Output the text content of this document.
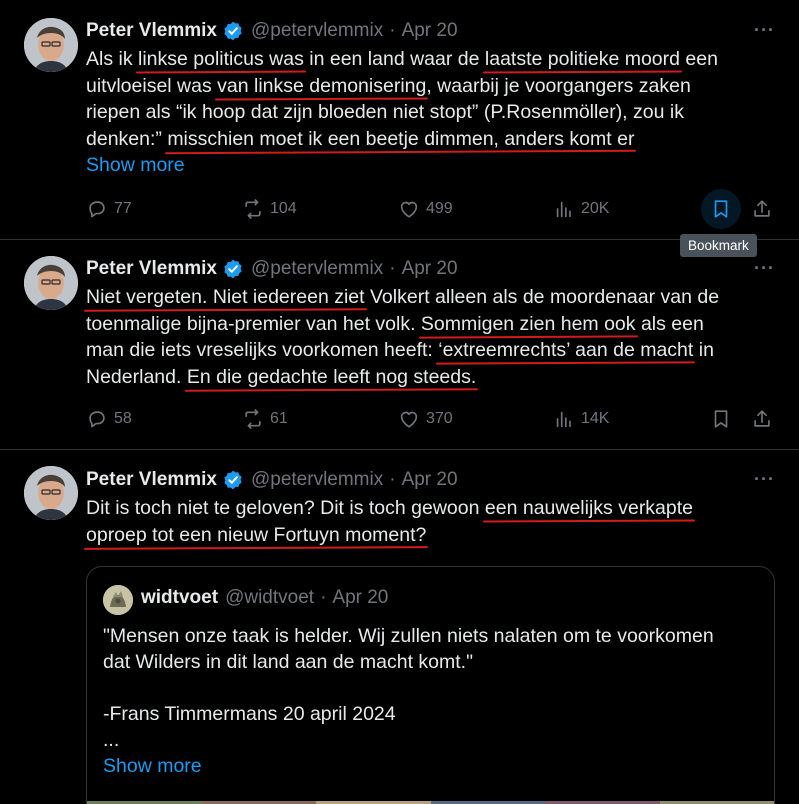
Peter Vlemmix @petervlemmix · Apr 20	···
Als ik linkse politicus was in een land waar de laatste politieke moord een
uitvloeisel was van linkse demonisering, waarbij je voorgangers zaken
riepen als “ik hoop dat zijn bloeden niet stopt” (P.Rosenmöller), zou ik
denken:” misschien moet ik een beetje dimmen, anders komt er
Show more
77	104	499	20K
Bookmark
Peter Vlemmix @petervlemmix · Apr 20	···
Niet vergeten. Niet iedereen ziet Volkert alleen als de moordenaar van de
toenmalige bijna-premier van het volk. Sommigen zien hem ook als een
man die iets vreselijks voorkomen heeft: ‘extreemrechts’ aan de macht in
Nederland. En die gedachte leeft nog steeds.
58	61	370	14K
Peter Vlemmix @petervlemmix · Apr 20	···
Dit is toch niet te geloven? Dit is toch gewoon een nauwelijks verkapte
oproep tot een nieuw Fortuyn moment?
widtvoet @widtvoet · Apr 20
"Mensen onze taak is helder. Wij zullen niets nalaten om te voorkomen
dat Wilders in dit land aan de macht komt."
-Frans Timmermans 20 april 2024
...
Show more
